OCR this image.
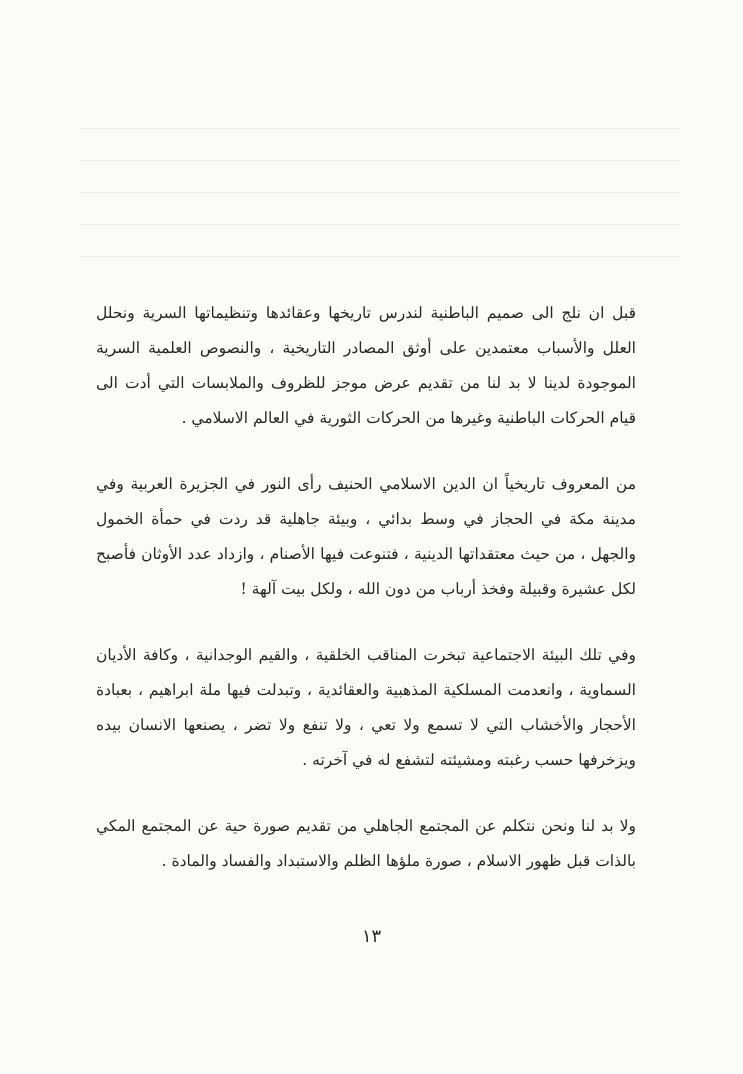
قبل ان نلج الى صميم الباطنية لندرس تاريخها وعقائدها وتنظيماتها السرية ونحلل العلل والأسباب معتمدين على أوثق المصادر التاريخية ، والنصوص العلمية السرية الموجودة لدينا لا بد لنا من تقديم عرض موجز للظروف والملابسات التي أدت الى قيام الحركات الباطنية وغيرها من الحركات الثورية في العالم الاسلامي .

من المعروف تاريخياً ان الدين الاسلامي الحنيف رأى النور في الجزيرة العربية وفي مدينة مكة في الحجاز في وسط بدائي ، وبيئة جاهلية قد ردت في حمأة الخمول والجهل ، من حيث معتقداتها الدينية ، فتنوعت فيها الأصنام ، وازداد عدد الأوثان فأصبح لكل عشيرة وقبيلة وفخذ أرباب من دون الله ، ولكل بيت آلهة !

وفي تلك البيئة الاجتماعية تبخرت المناقب الخلقية ، والقيم الوجدانية ، وكافة الأديان السماوية ، وانعدمت المسلكية المذهبية والعقائدية ، وتبدلت فيها ملة ابراهيم ، بعبادة الأحجار والأخشاب التي لا تسمع ولا تعي ، ولا تنفع ولا تضر ، يصنعها الانسان بيده ويزخرفها حسب رغبته ومشيئته لتشفع له في آخرته .

ولا بد لنا ونحن نتكلم عن المجتمع الجاهلي من تقديم صورة حية عن المجتمع المكي بالذات قبل ظهور الاسلام ، صورة ملؤها الظلم والاستبداد والفساد والمادة .

١٣
